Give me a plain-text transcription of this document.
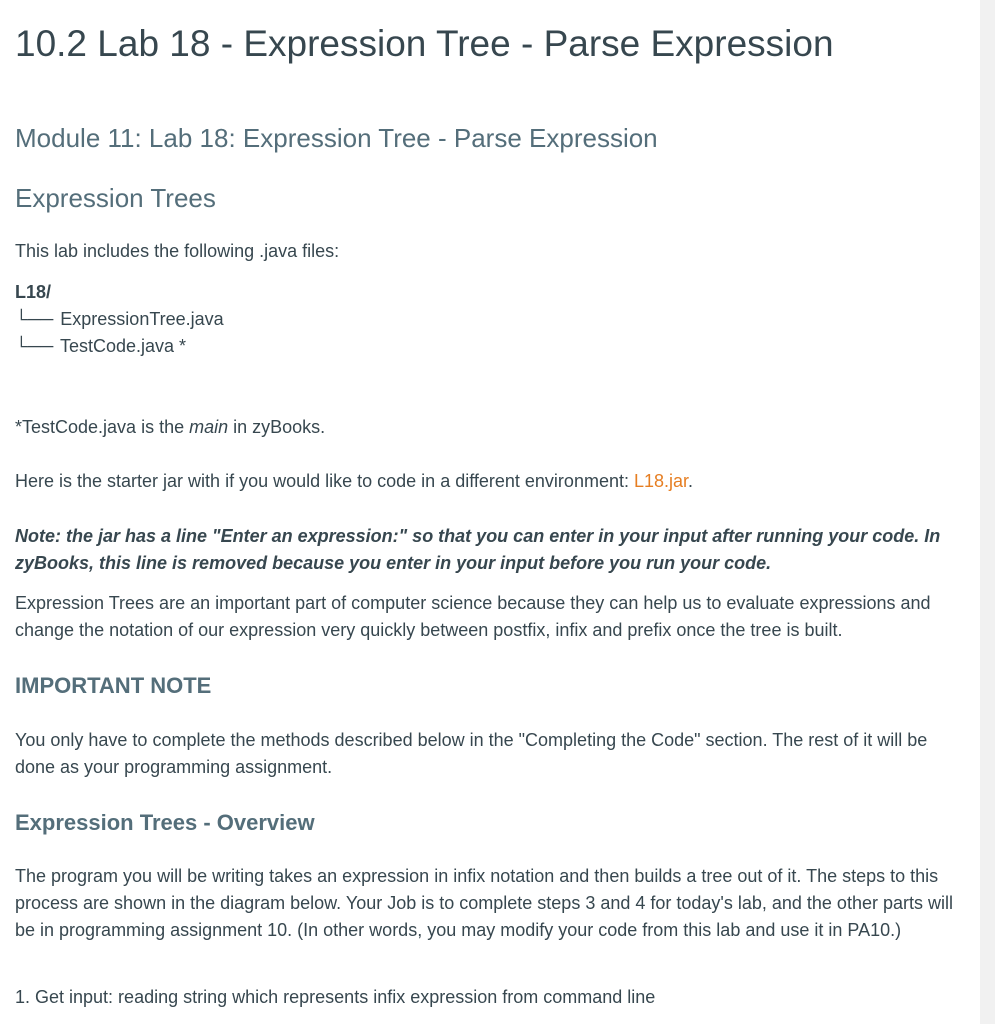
10.2 Lab 18 - Expression Tree - Parse Expression
Module 11: Lab 18: Expression Tree - Parse Expression
Expression Trees

This lab includes the following .java files:

L18/
└── ExpressionTree.java
└── TestCode.java *

*TestCode.java is the main in zyBooks.

Here is the starter jar with if you would like to code in a different environment: L18.jar.

Note: the jar has a line "Enter an expression:" so that you can enter in your input after running your code. In zyBooks, this line is removed because you enter in your input before you run your code.

Expression Trees are an important part of computer science because they can help us to evaluate expressions and change the notation of our expression very quickly between postfix, infix and prefix once the tree is built.

IMPORTANT NOTE

You only have to complete the methods described below in the "Completing the Code" section. The rest of it will be done as your programming assignment.

Expression Trees - Overview

The program you will be writing takes an expression in infix notation and then builds a tree out of it. The steps to this process are shown in the diagram below. Your Job is to complete steps 3 and 4 for today's lab, and the other parts will be in programming assignment 10. (In other words, you may modify your code from this lab and use it in PA10.)

1. Get input: reading string which represents infix expression from command line
